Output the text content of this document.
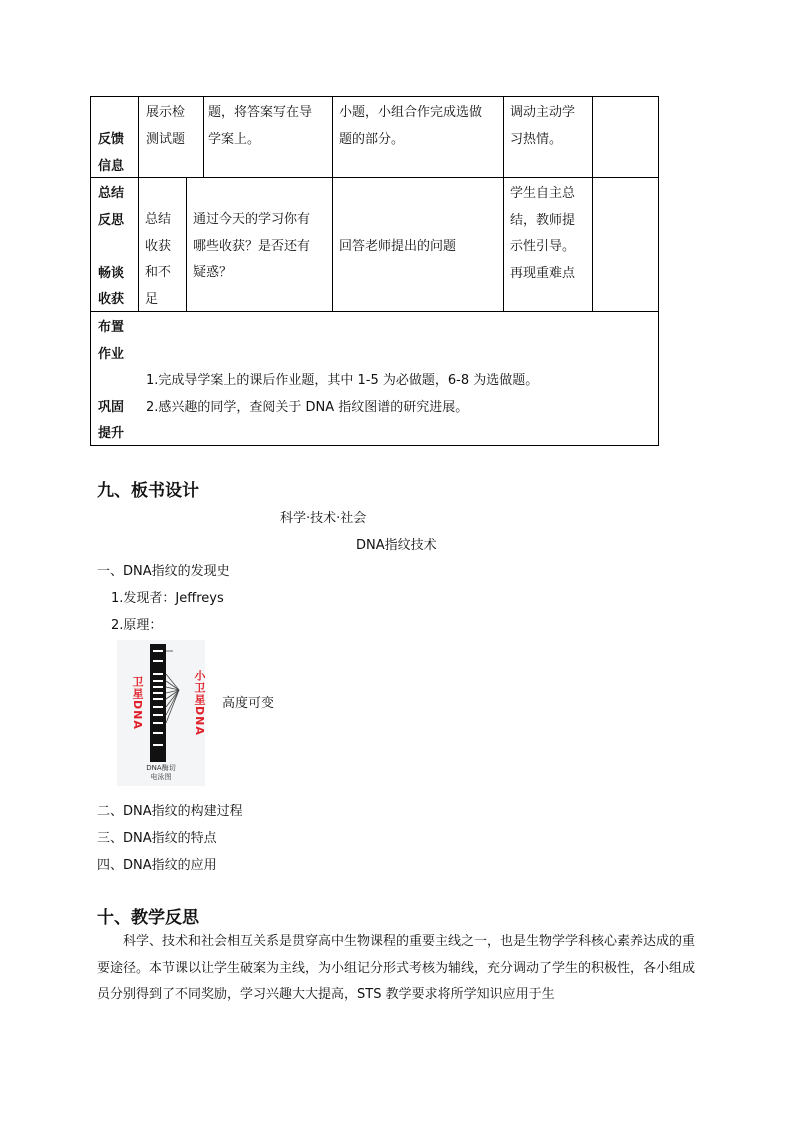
反馈
信息
展示检
测试题
题，将答案写在导
学案上。
小题，小组合作完成选做
题的部分。
调动主动学
习热情。
总结
反思

畅谈
收获
总结
收获
和不
足
通过今天的学习你有
哪些收获？是否还有
疑惑？
回答老师提出的问题
学生自主总
结，教师提
示性引导。
再现重难点
布置
作业

巩固
提升
1.完成导学案上的课后作业题，其中 1-5 为必做题，6-8 为选做题。
2.感兴趣的同学，查阅关于 DNA 指纹图谱的研究进展。
九、板书设计
科学·技术·社会
DNA指纹技术
一、DNA指纹的发现史
1.发现者：Jeffreys
2.原理：
卫星DNA	小卫星DNA
DNA酶切
电泳图
高度可变
二、DNA指纹的构建过程
三、DNA指纹的特点
四、DNA指纹的应用
十、教学反思
科学、技术和社会相互关系是贯穿高中生物课程的重要主线之一，也是生物学学科核心素养达成的重要途径。本节课以让学生破案为主线，为小组记分形式考核为辅线，充分调动了学生的积极性，各小组成员分别得到了不同奖励，学习兴趣大大提高，STS 教学要求将所学知识应用于生
